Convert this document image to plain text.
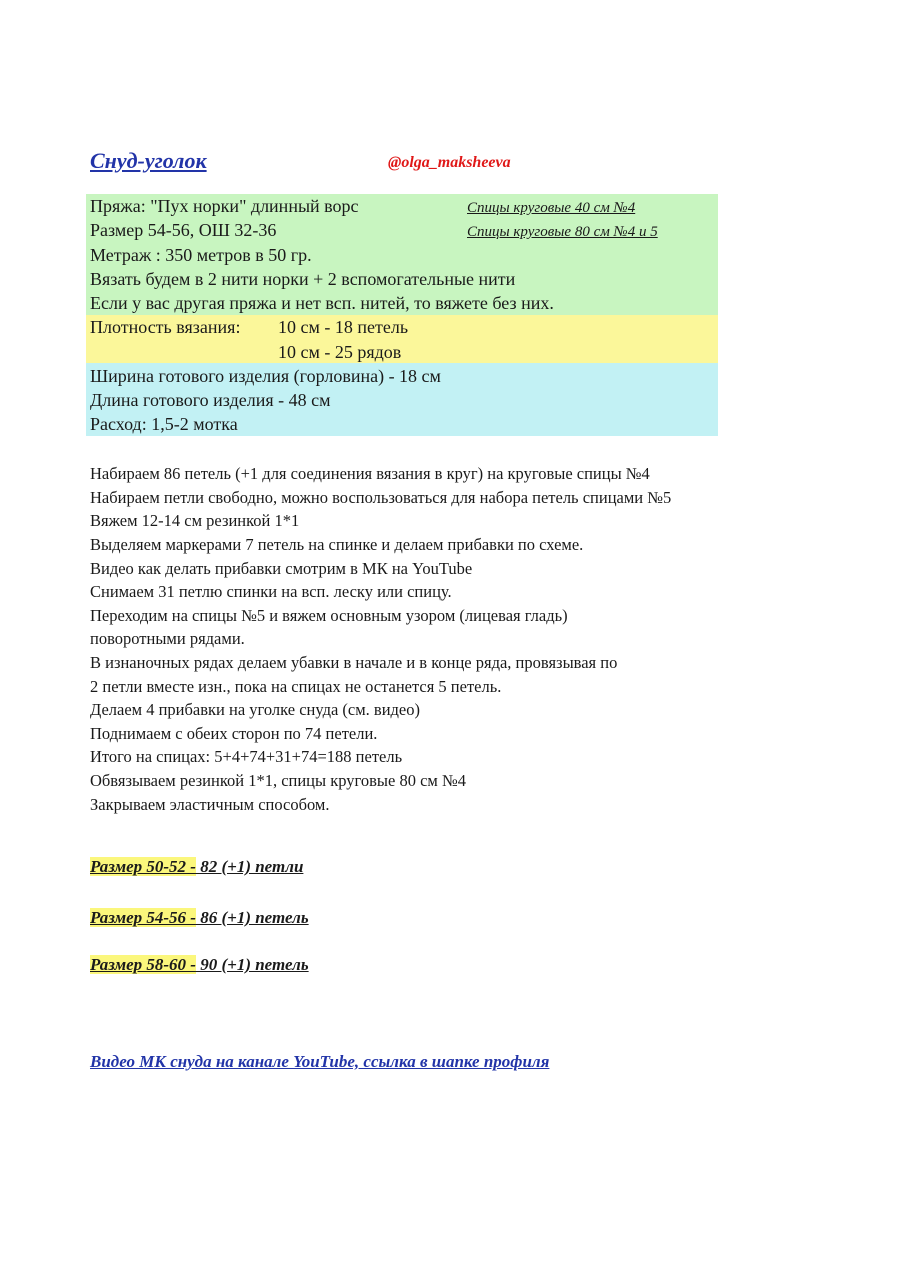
Снуд-уголок	@olga_maksheeva
Пряжа: "Пух норки" длинный ворс
Размер 54-56, ОШ 32-36
Метраж : 350 метров в 50 гр.
Вязать будем в 2 нити норки + 2 вспомогательные нити
Если у вас другая пряжа и нет всп. нитей, то вяжете без них.
Спицы круговые 40 см №4
Спицы круговые 80 см №4 и 5
Плотность вязания: 10 см - 18 петель
10 см - 25 рядов
Ширина готового изделия (горловина) - 18 см
Длина готового изделия - 48 см
Расход: 1,5-2 мотка
Набираем 86 петель (+1 для соединения вязания в круг) на круговые спицы №4
Набираем петли свободно, можно воспользоваться для набора петель спицами №5
Вяжем 12-14 см резинкой 1*1
Выделяем маркерами 7 петель на спинке и делаем прибавки по схеме.
Видео как делать прибавки смотрим в МК на YouTube
Снимаем 31 петлю спинки на всп. леску или спицу.
Переходим на спицы №5 и вяжем основным узором (лицевая гладь)
поворотными рядами.
В изнаночных рядах делаем убавки в начале и в конце ряда, провязывая по
2 петли вместе изн., пока на спицах не останется 5 петель.
Делаем 4 прибавки на уголке снуда (см. видео)
Поднимаем с обеих сторон по 74 петели.
Итого на спицах: 5+4+74+31+74=188 петель
Обвязываем резинкой 1*1, спицы круговые 80 см №4
Закрываем эластичным способом.
Размер 50-52 - 82 (+1) петли
Размер 54-56 - 86 (+1) петель
Размер 58-60 - 90 (+1) петель
Видео МК снуда на канале YouTube, ссылка в шапке профиля
